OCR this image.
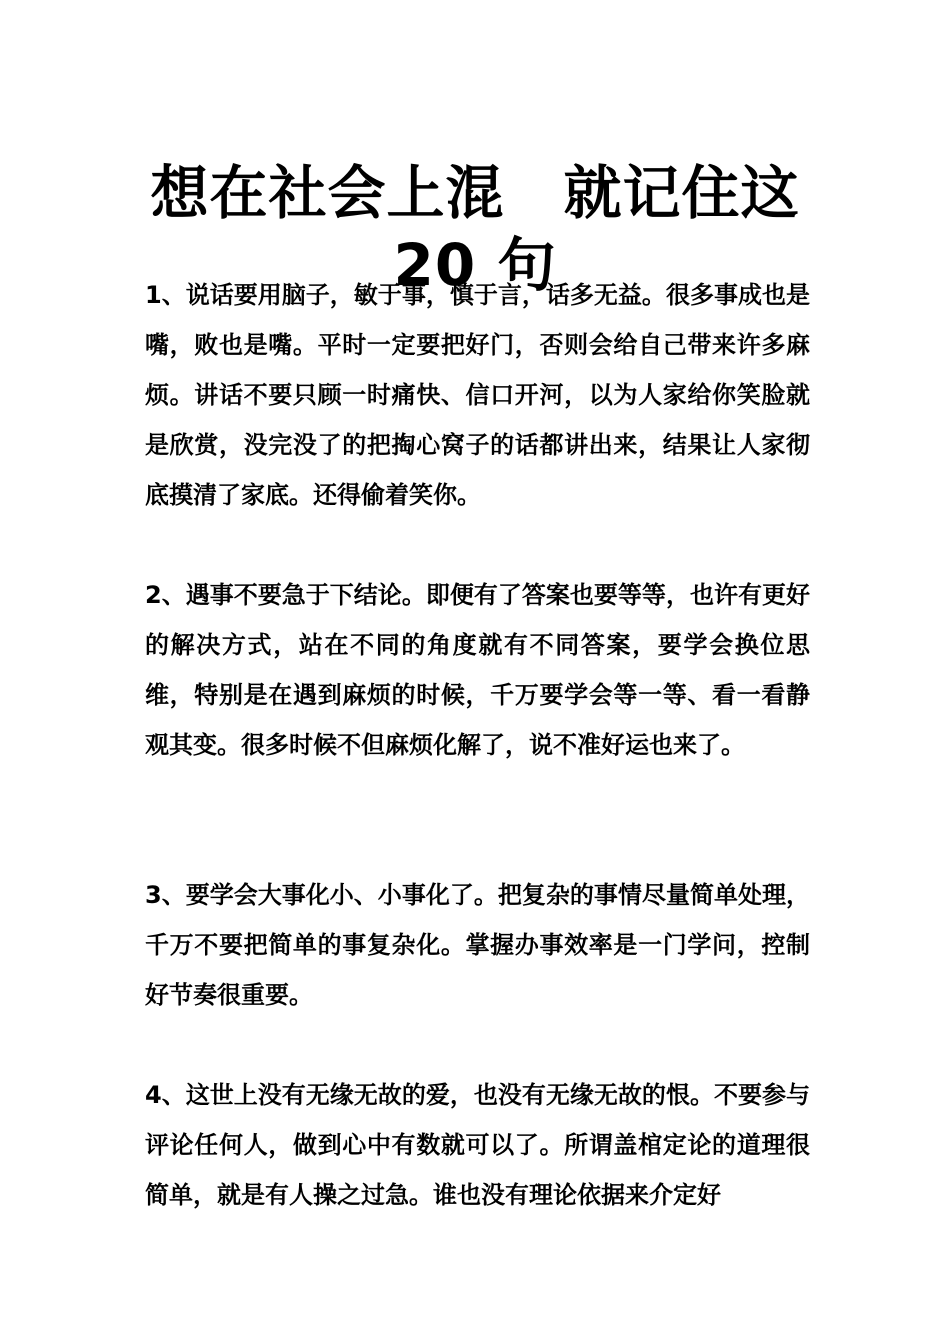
想在社会上混　就记住这
20 句

1、说话要用脑子，敏于事，慎于言，话多无益。很多事成也是嘴，败也是嘴。平时一定要把好门，否则会给自己带来许多麻烦。讲话不要只顾一时痛快、信口开河，以为人家给你笑脸就是欣赏，没完没了的把掏心窝子的话都讲出来，结果让人家彻底摸清了家底。还得偷着笑你。

2、遇事不要急于下结论。即便有了答案也要等等，也许有更好的解决方式，站在不同的角度就有不同答案，要学会换位思维，特别是在遇到麻烦的时候，千万要学会等一等、看一看静观其变。很多时候不但麻烦化解了，说不准好运也来了。

3、要学会大事化小、小事化了。把复杂的事情尽量简单处理，千万不要把简单的事复杂化。掌握办事效率是一门学问，控制好节奏很重要。

4、这世上没有无缘无故的爱，也没有无缘无故的恨。不要参与评论任何人，做到心中有数就可以了。所谓盖棺定论的道理很简单，就是有人操之过急。谁也没有理论依据来介定好
